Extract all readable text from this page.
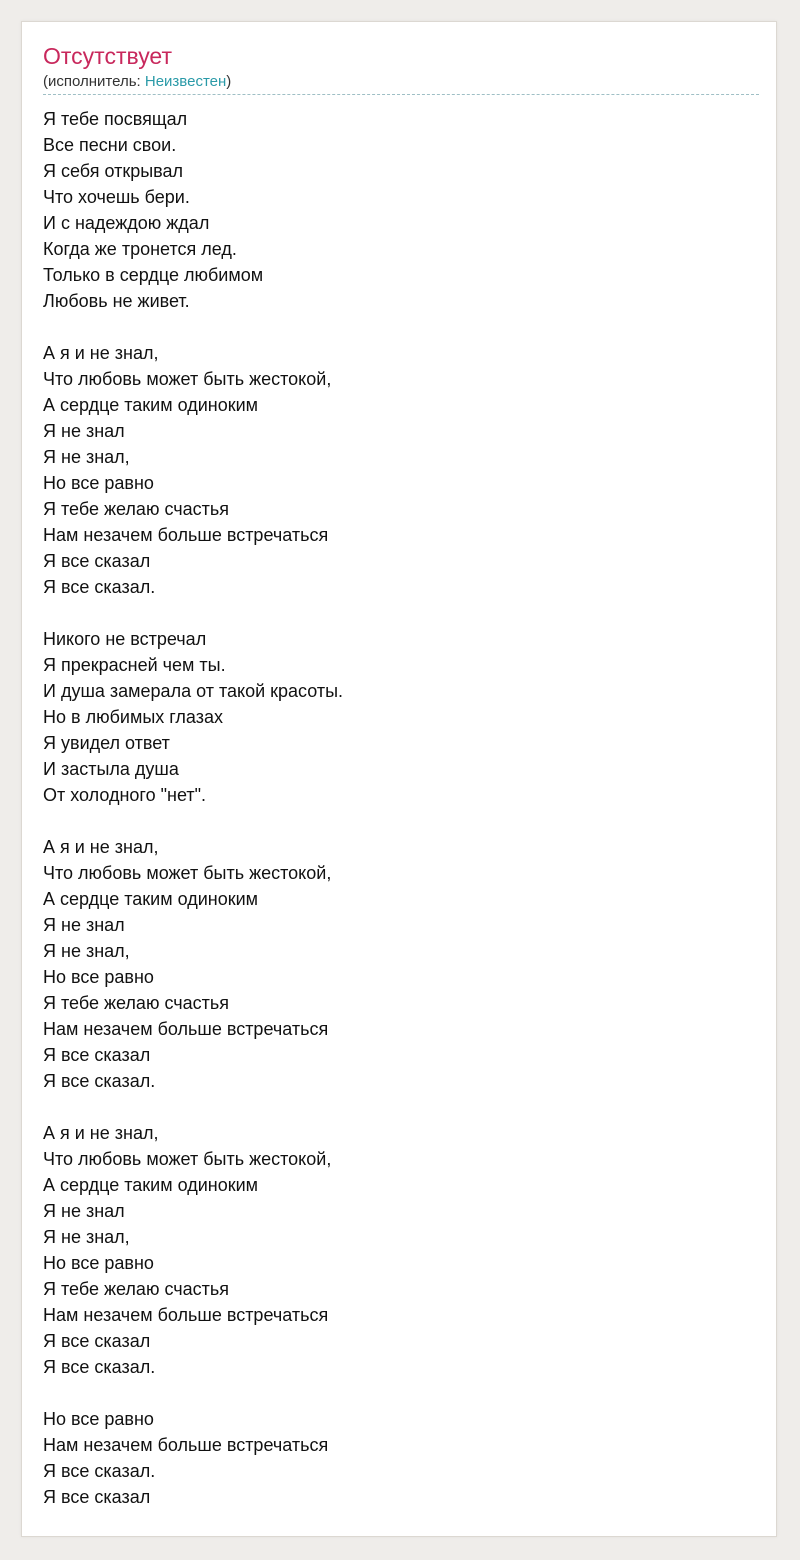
Отсутствует
(исполнитель: Неизвестен)
Я тебе посвящал
Все песни свои.
Я себя открывал
Что хочешь бери.
И с надеждою ждал
Когда же тронется лед.
Только в сердце любимом
Любовь не живет.

А я и не знал,
Что любовь может быть жестокой,
А сердце таким одиноким
Я не знал
Я не знал,
Но все равно
Я тебе желаю счастья
Нам незачем больше встречаться
Я все сказал
Я все сказал.

Никого не встречал
Я прекрасней чем ты.
И душа замерала от такой красоты.
Но в любимых глазах
Я увидел ответ
И застыла душа
От холодного "нет".

А я и не знал,
Что любовь может быть жестокой,
А сердце таким одиноким
Я не знал
Я не знал,
Но все равно
Я тебе желаю счастья
Нам незачем больше встречаться
Я все сказал
Я все сказал.

А я и не знал,
Что любовь может быть жестокой,
А сердце таким одиноким
Я не знал
Я не знал,
Но все равно
Я тебе желаю счастья
Нам незачем больше встречаться
Я все сказал
Я все сказал.

Но все равно
Нам незачем больше встречаться
Я все сказал.
Я все сказал
